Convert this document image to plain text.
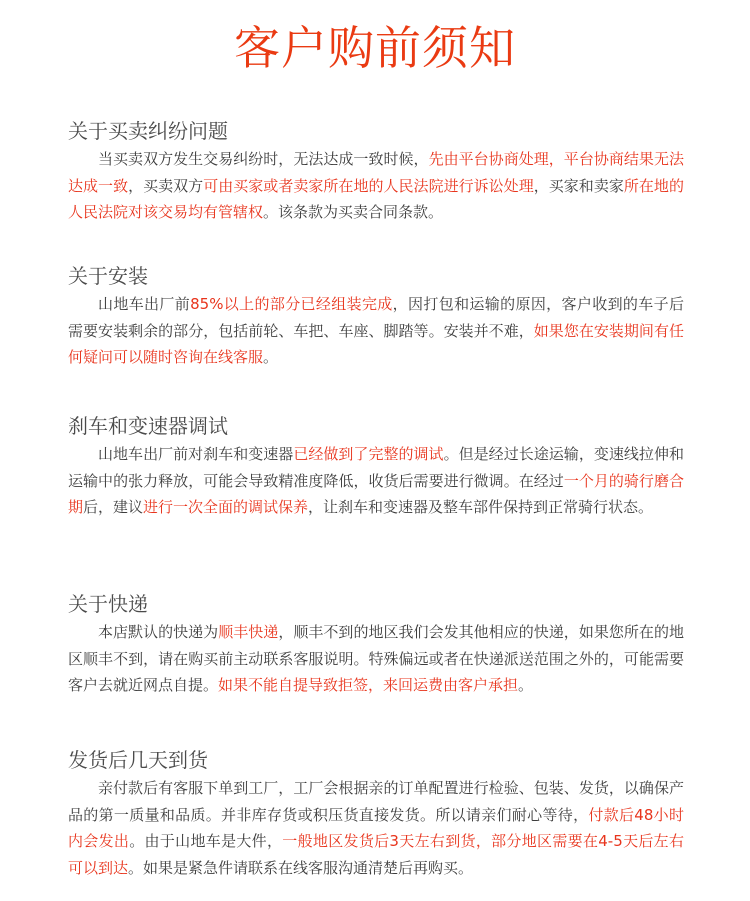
客户购前须知
关于买卖纠纷问题

当买卖双方发生交易纠纷时，无法达成一致时候，先由平台协商处理，平台协商结果无法达成一致，买卖双方可由买家或者卖家所在地的人民法院进行诉讼处理，买家和卖家所在地的人民法院对该交易均有管辖权。该条款为买卖合同条款。

关于安装

山地车出厂前85%以上的部分已经组装完成，因打包和运输的原因，客户收到的车子后需要安装剩余的部分，包括前轮、车把、车座、脚踏等。安装并不难，如果您在安装期间有任何疑问可以随时咨询在线客服。

刹车和变速器调试

山地车出厂前对刹车和变速器已经做到了完整的调试。但是经过长途运输，变速线拉伸和运输中的张力释放，可能会导致精准度降低，收货后需要进行微调。在经过一个月的骑行磨合期后，建议进行一次全面的调试保养，让刹车和变速器及整车部件保持到正常骑行状态。

关于快递

本店默认的快递为顺丰快递，顺丰不到的地区我们会发其他相应的快递，如果您所在的地区顺丰不到，请在购买前主动联系客服说明。特殊偏远或者在快递派送范围之外的，可能需要客户去就近网点自提。如果不能自提导致拒签，来回运费由客户承担。

发货后几天到货

亲付款后有客服下单到工厂，工厂会根据亲的订单配置进行检验、包装、发货，以确保产品的第一质量和品质。并非库存货或积压货直接发货。所以请亲们耐心等待，付款后48小时内会发出。由于山地车是大件，一般地区发货后3天左右到货，部分地区需要在4-5天后左右可以到达。如果是紧急件请联系在线客服沟通清楚后再购买。
